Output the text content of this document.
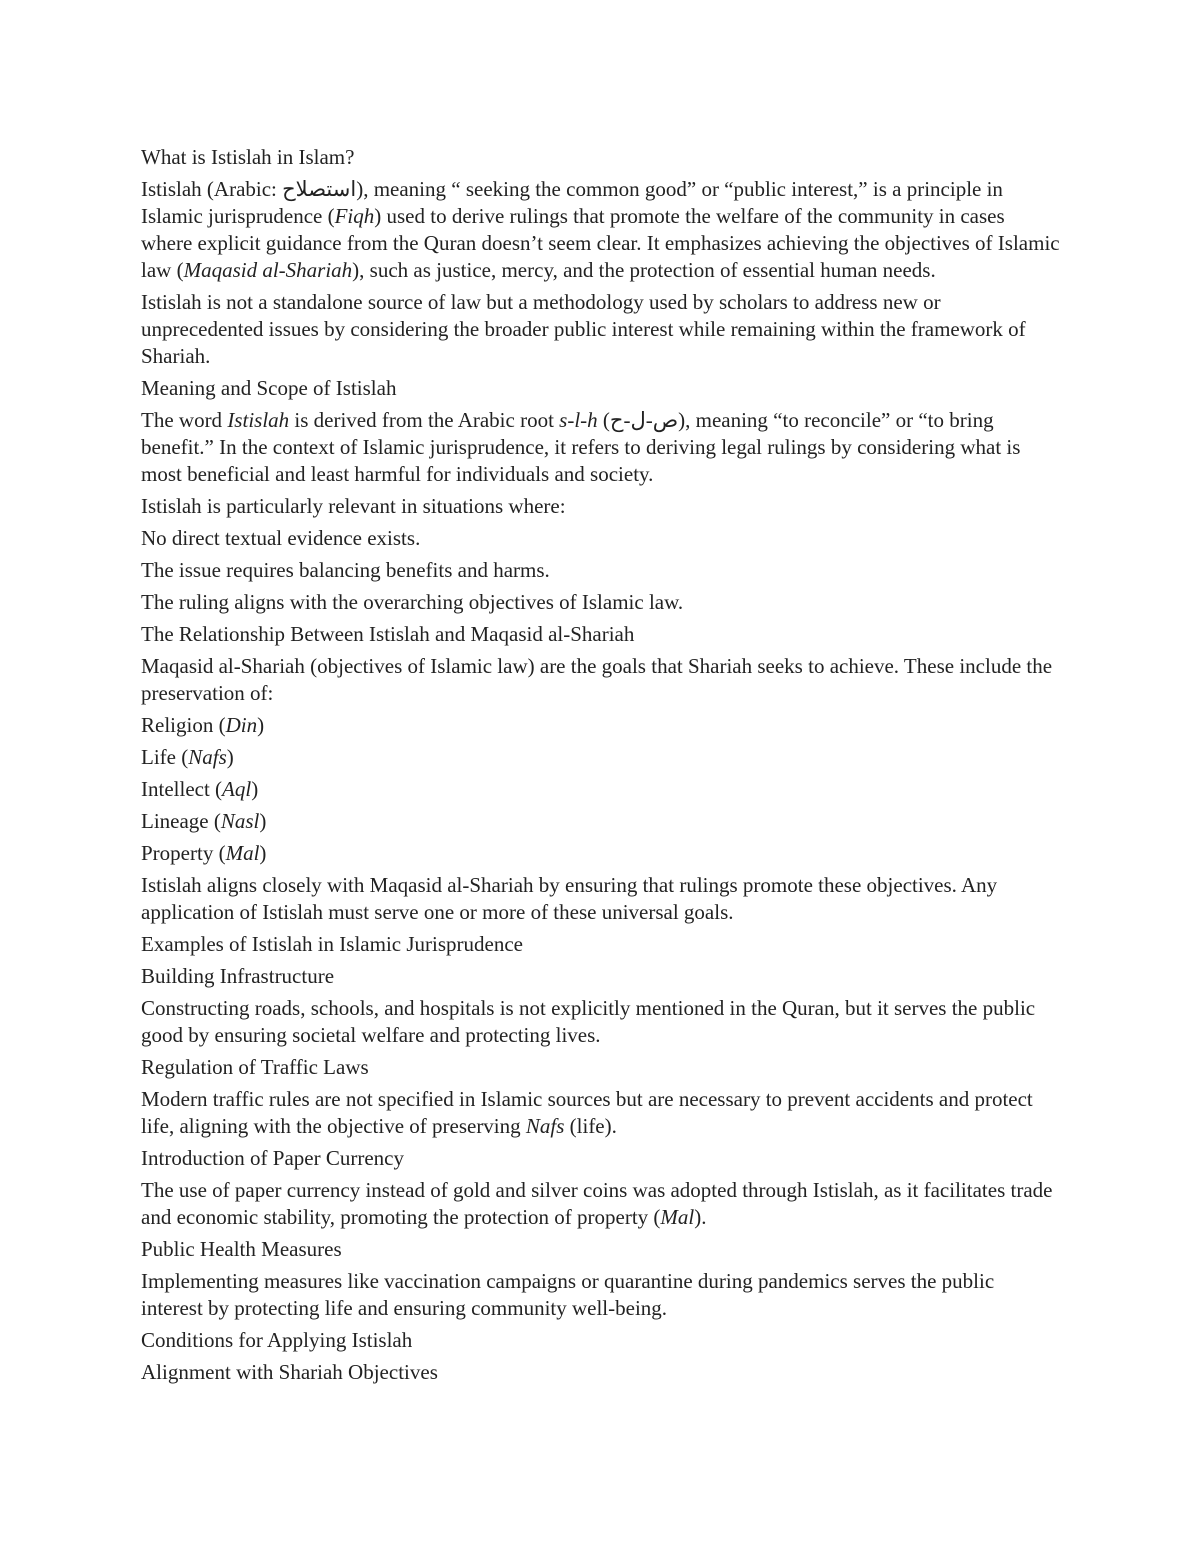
What is Istislah in Islam?

Istislah (Arabic: استصلاح), meaning “ seeking the common good” or “public interest,” is a principle in Islamic jurisprudence (Fiqh) used to derive rulings that promote the welfare of the community in cases where explicit guidance from the Quran doesn’t seem clear. It emphasizes achieving the objectives of Islamic law (Maqasid al-Shariah), such as justice, mercy, and the protection of essential human needs.

Istislah is not a standalone source of law but a methodology used by scholars to address new or unprecedented issues by considering the broader public interest while remaining within the framework of Shariah.

Meaning and Scope of Istislah

The word Istislah is derived from the Arabic root s-l-h (ص-ل-ح), meaning “to reconcile” or “to bring benefit.” In the context of Islamic jurisprudence, it refers to deriving legal rulings by considering what is most beneficial and least harmful for individuals and society.

Istislah is particularly relevant in situations where:

No direct textual evidence exists.

The issue requires balancing benefits and harms.

The ruling aligns with the overarching objectives of Islamic law.

The Relationship Between Istislah and Maqasid al-Shariah

Maqasid al-Shariah (objectives of Islamic law) are the goals that Shariah seeks to achieve. These include the preservation of:

Religion (Din)

Life (Nafs)

Intellect (Aql)

Lineage (Nasl)

Property (Mal)

Istislah aligns closely with Maqasid al-Shariah by ensuring that rulings promote these objectives. Any application of Istislah must serve one or more of these universal goals.

Examples of Istislah in Islamic Jurisprudence

Building Infrastructure

Constructing roads, schools, and hospitals is not explicitly mentioned in the Quran, but it serves the public good by ensuring societal welfare and protecting lives.

Regulation of Traffic Laws

Modern traffic rules are not specified in Islamic sources but are necessary to prevent accidents and protect life, aligning with the objective of preserving Nafs (life).

Introduction of Paper Currency

The use of paper currency instead of gold and silver coins was adopted through Istislah, as it facilitates trade and economic stability, promoting the protection of property (Mal).

Public Health Measures

Implementing measures like vaccination campaigns or quarantine during pandemics serves the public interest by protecting life and ensuring community well-being.

Conditions for Applying Istislah

Alignment with Shariah Objectives
